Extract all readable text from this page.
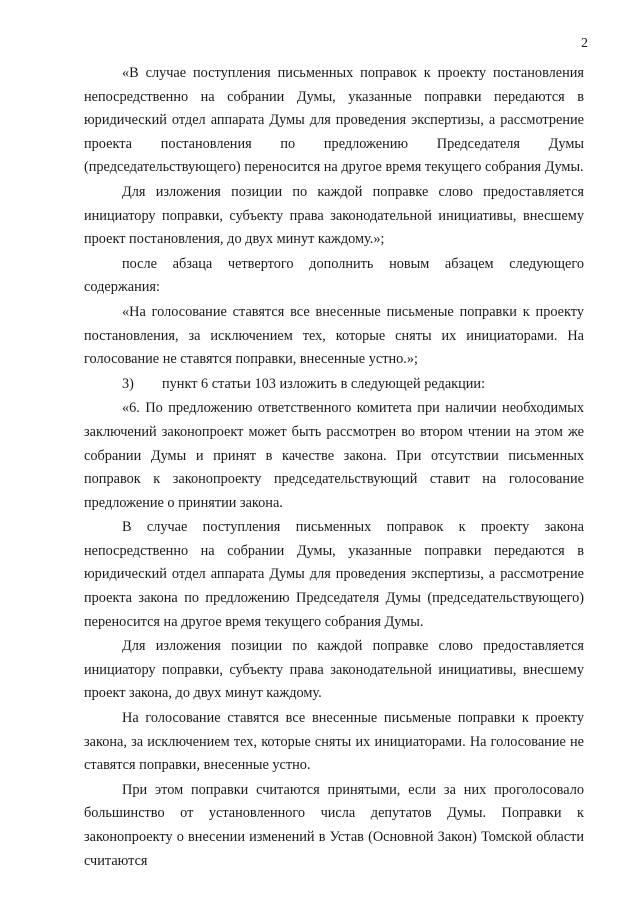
2

«В случае поступления письменных поправок к проекту постановления непосредственно на собрании Думы, указанные поправки передаются в юридический отдел аппарата Думы для проведения экспертизы, а рассмотрение проекта постановления по предложению Председателя Думы (председательствующего) переносится на другое время текущего собрания Думы.

Для изложения позиции по каждой поправке слово предоставляется инициатору поправки, субъекту права законодательной инициативы, внесшему проект постановления, до двух минут каждому.»;

после абзаца четвертого дополнить новым абзацем следующего содержания:

«На голосование ставятся все внесенные письменые поправки к проекту постановления, за исключением тех, которые сняты их инициаторами. На голосование не ставятся поправки, внесенные устно.»;

3) пункт 6 статьи 103 изложить в следующей редакции:

«6. По предложению ответственного комитета при наличии необходимых заключений законопроект может быть рассмотрен во втором чтении на этом же собрании Думы и принят в качестве закона. При отсутствии письменных поправок к законопроекту председательствующий ставит на голосование предложение о принятии закона.

В случае поступления письменных поправок к проекту закона непосредственно на собрании Думы, указанные поправки передаются в юридический отдел аппарата Думы для проведения экспертизы, а рассмотрение проекта закона по предложению Председателя Думы (председательствующего) переносится на другое время текущего собрания Думы.

Для изложения позиции по каждой поправке слово предоставляется инициатору поправки, субъекту права законодательной инициативы, внесшему проект закона, до двух минут каждому.

На голосование ставятся все внесенные письменые поправки к проекту закона, за исключением тех, которые сняты их инициаторами. На голосование не ставятся поправки, внесенные устно.

При этом поправки считаются принятыми, если за них проголосовало большинство от установленного числа депутатов Думы. Поправки к законопроекту о внесении изменений в Устав (Основной Закон) Томской области считаются
